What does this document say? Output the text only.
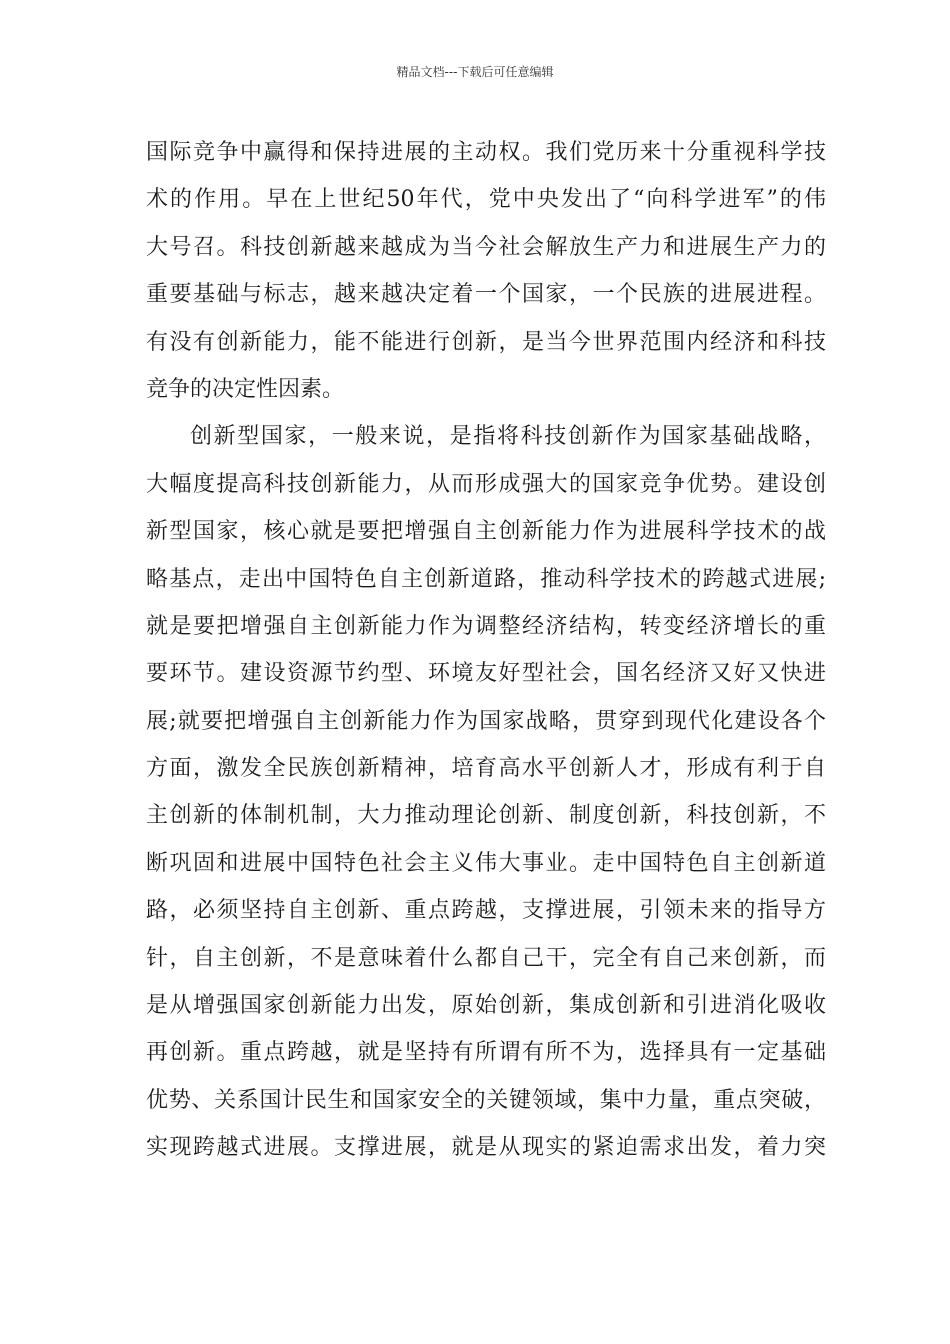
精品文档---下载后可任意编辑
国际竞争中赢得和保持进展的主动权。我们党历来十分重视科学技
术的作用。早在上世纪50年代，党中央发出了“向科学进军”的伟
大号召。科技创新越来越成为当今社会解放生产力和进展生产力的
重要基础与标志，越来越决定着一个国家，一个民族的进展进程。
有没有创新能力，能不能进行创新，是当今世界范围内经济和科技
竞争的决定性因素。
创新型国家，一般来说，是指将科技创新作为国家基础战略，
大幅度提高科技创新能力，从而形成强大的国家竞争优势。建设创
新型国家，核心就是要把增强自主创新能力作为进展科学技术的战
略基点，走出中国特色自主创新道路，推动科学技术的跨越式进展;
就是要把增强自主创新能力作为调整经济结构，转变经济增长的重
要环节。建设资源节约型、环境友好型社会，国名经济又好又快进
展;就要把增强自主创新能力作为国家战略，贯穿到现代化建设各个
方面，激发全民族创新精神，培育高水平创新人才，形成有利于自
主创新的体制机制，大力推动理论创新、制度创新，科技创新，不
断巩固和进展中国特色社会主义伟大事业。走中国特色自主创新道
路，必须坚持自主创新、重点跨越，支撑进展，引领未来的指导方
针，自主创新，不是意味着什么都自己干，完全有自己来创新，而
是从增强国家创新能力出发，原始创新，集成创新和引进消化吸收
再创新。重点跨越，就是坚持有所谓有所不为，选择具有一定基础
优势、关系国计民生和国家安全的关键领域，集中力量，重点突破，
实现跨越式进展。支撑进展，就是从现实的紧迫需求出发，着力突
